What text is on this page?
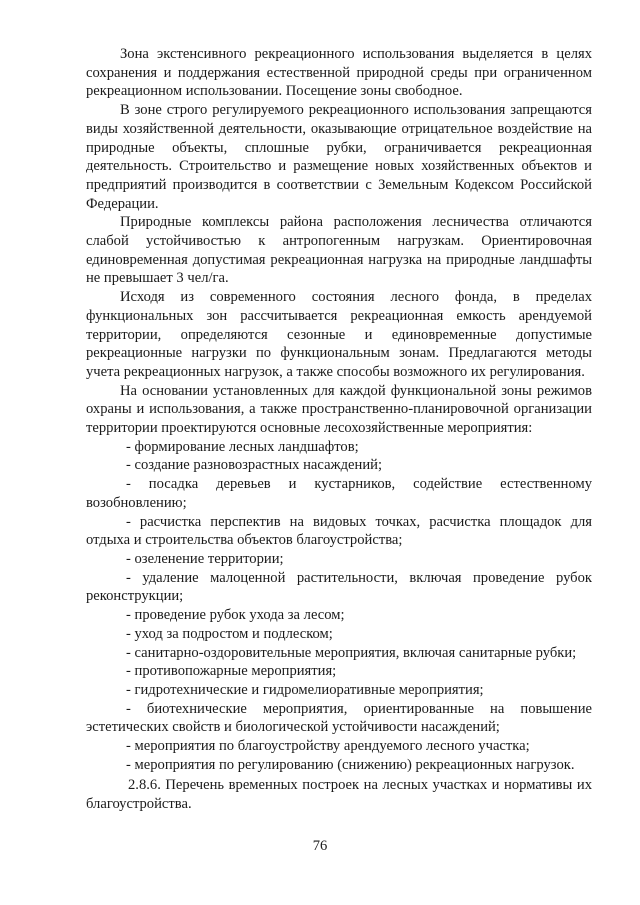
Зона экстенсивного рекреационного использования выделяется в целях сохранения и поддержания естественной природной среды при ограниченном рекреационном использовании. Посещение зоны свободное.

В зоне строго регулируемого рекреационного использования запрещаются виды хозяйственной деятельности, оказывающие отрицательное воздействие на природные объекты, сплошные рубки, ограничивается рекреационная деятельность. Строительство и размещение новых хозяйственных объектов и предприятий производится в соответствии с Земельным Кодексом Российской Федерации.

Природные комплексы района расположения лесничества отличаются слабой устойчивостью к антропогенным нагрузкам. Ориентировочная единовременная допустимая рекреационная нагрузка на природные ландшафты не превышает 3 чел/га.

Исходя из современного состояния лесного фонда, в пределах функциональных зон рассчитывается рекреационная емкость арендуемой территории, определяются сезонные и единовременные допустимые рекреационные нагрузки по функциональным зонам. Предлагаются методы учета рекреационных нагрузок, а также способы возможного их регулирования.

На основании установленных для каждой функциональной зоны режимов охраны и использования, а также пространственно-планировочной организации территории проектируются основные лесохозяйственные мероприятия:

- формирование лесных ландшафтов;

- создание разновозрастных насаждений;

- посадка деревьев и кустарников, содействие естественному возобновлению;

- расчистка перспектив на видовых точках, расчистка площадок для отдыха и строительства объектов благоустройства;

- озеленение территории;

- удаление малоценной растительности, включая проведение рубок реконструкции;

- проведение рубок ухода за лесом;

- уход за подростом и подлеском;

- санитарно-оздоровительные мероприятия, включая санитарные рубки;

- противопожарные мероприятия;

- гидротехнические и гидромелиоративные мероприятия;

- биотехнические мероприятия, ориентированные на повышение эстетических свойств и биологической устойчивости насаждений;

- мероприятия по благоустройству арендуемого лесного участка;

- мероприятия по регулированию (снижению) рекреационных нагрузок.

2.8.6. Перечень временных построек на лесных участках и нормативы их благоустройства.

76
